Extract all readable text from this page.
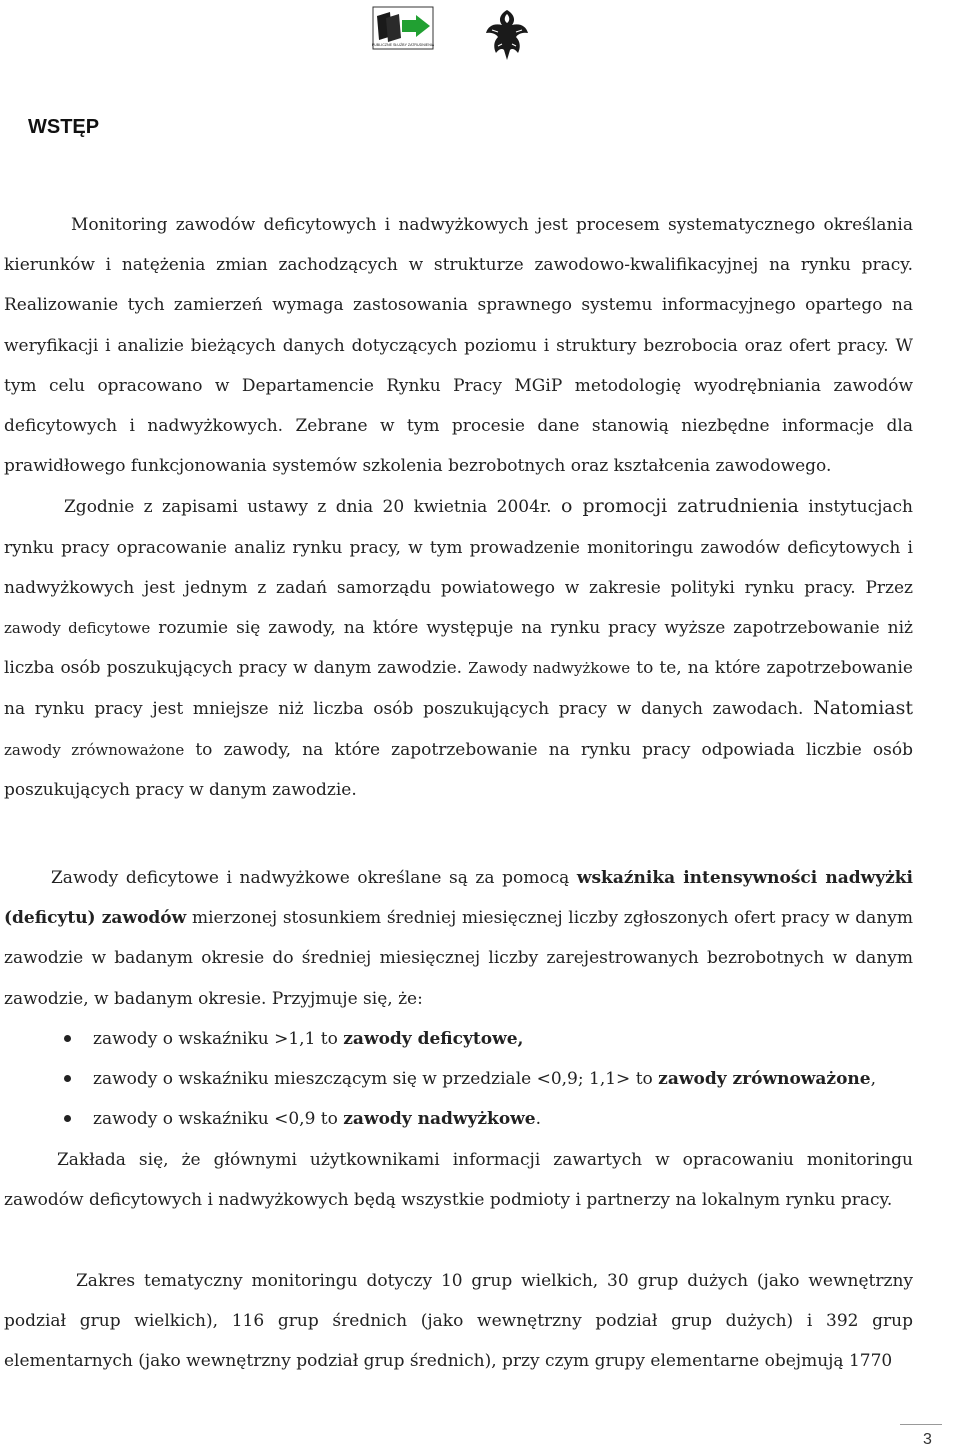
PUBLICZNE SŁUŻBY ZATRUDNIENIA
WSTĘP

Monitoring zawodów deficytowych i nadwyżkowych jest procesem systematycznego określania kierunków i natężenia zmian zachodzących w strukturze zawodowo-kwalifikacyjnej na rynku pracy. Realizowanie tych zamierzeń wymaga zastosowania sprawnego systemu informacyjnego opartego na weryfikacji i analizie bieżących danych dotyczących poziomu i struktury bezrobocia oraz ofert pracy. W tym celu opracowano w Departamencie Rynku Pracy MGiP metodologię wyodrębniania zawodów deficytowych i nadwyżkowych. Zebrane w tym procesie dane stanowią niezbędne informacje dla prawidłowego funkcjonowania systemów szkolenia bezrobotnych oraz kształcenia zawodowego.

Zgodnie z zapisami ustawy z dnia 20 kwietnia 2004r. o promocji zatrudnienia instytucjach rynku pracy opracowanie analiz rynku pracy, w tym prowadzenie monitoringu zawodów deficytowych i nadwyżkowych jest jednym z zadań samorządu powiatowego w zakresie polityki rynku pracy. Przez zawody deficytowe rozumie się zawody, na które występuje na rynku pracy wyższe zapotrzebowanie niż liczba osób poszukujących pracy w danym zawodzie. Zawody nadwyżkowe to te, na które zapotrzebowanie na rynku pracy jest mniejsze niż liczba osób poszukujących pracy w danych zawodach. Natomiast zawody zrównoważone to zawody, na które zapotrzebowanie na rynku pracy odpowiada liczbie osób poszukujących pracy w danym zawodzie.

Zawody deficytowe i nadwyżkowe określane są za pomocą wskaźnika intensywności nadwyżki (deficytu) zawodów mierzonej stosunkiem średniej miesięcznej liczby zgłoszonych ofert pracy w danym zawodzie w badanym okresie do średniej miesięcznej liczby zarejestrowanych bezrobotnych w danym zawodzie, w badanym okresie. Przyjmuje się, że:

zawody o wskaźniku >1,1 to zawody deficytowe,
zawody o wskaźniku mieszczącym się w przedziale <0,9; 1,1> to zawody zrównoważone,
zawody o wskaźniku <0,9 to zawody nadwyżkowe.

Zakłada się, że głównymi użytkownikami informacji zawartych w opracowaniu monitoringu zawodów deficytowych i nadwyżkowych będą wszystkie podmioty i partnerzy na lokalnym rynku pracy.

Zakres tematyczny monitoringu dotyczy 10 grup wielkich, 30 grup dużych (jako wewnętrzny podział grup wielkich), 116 grup średnich (jako wewnętrzny podział grup dużych) i 392 grup elementarnych (jako wewnętrzny podział grup średnich), przy czym grupy elementarne obejmują 1770

3
